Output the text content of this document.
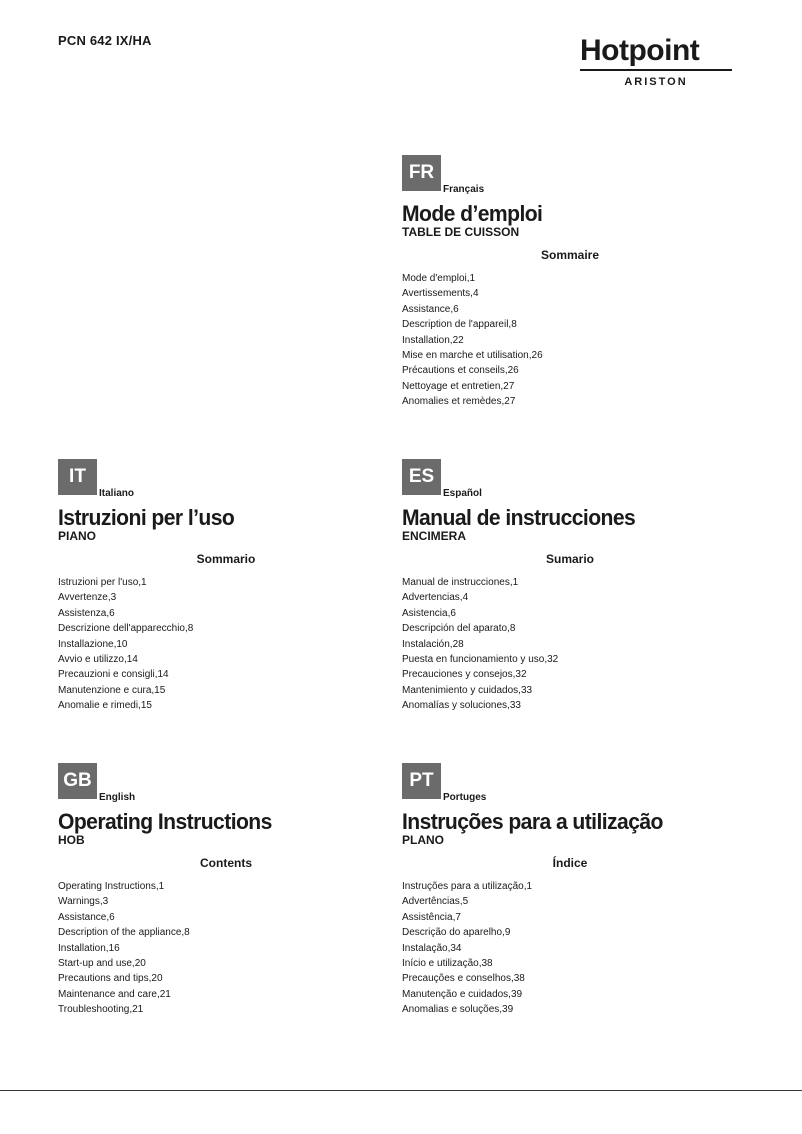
PCN 642 IX/HA	Hotpoint
ARISTON
FR
Français
Mode d’emploi
TABLE DE CUISSON
Sommaire
Mode d'emploi,1
Avertissements,4
Assistance,6
Description de l'appareil,8
Installation,22
Mise en marche et utilisation,26
Précautions et conseils,26
Nettoyage et entretien,27
Anomalies et remèdes,27
IT
Italiano
Istruzioni per l’uso
PIANO
Sommario
Istruzioni per l'uso,1
Avvertenze,3
Assistenza,6
Descrizione dell'apparecchio,8
Installazione,10
Avvio e utilizzo,14
Precauzioni e consigli,14
Manutenzione e cura,15
Anomalie e rimedi,15
ES
Español
Manual de instrucciones
ENCIMERA
Sumario
Manual de instrucciones,1
Advertencias,4
Asistencia,6
Descripción del aparato,8
Instalación,28
Puesta en funcionamiento y uso,32
Precauciones y consejos,32
Mantenimiento y cuidados,33
Anomalías y soluciones,33
GB
English
Operating Instructions
HOB
Contents
Operating Instructions,1
Warnings,3
Assistance,6
Description of the appliance,8
Installation,16
Start-up and use,20
Precautions and tips,20
Maintenance and care,21
Troubleshooting,21
PT
Portuges
Instruções para a utilização
PLANO
Índice
Instruções para a utilização,1
Advertências,5
Assistência,7
Descrição do aparelho,9
Instalação,34
Início e utilização,38
Precauções e conselhos,38
Manutenção e cuidados,39
Anomalias e soluções,39
